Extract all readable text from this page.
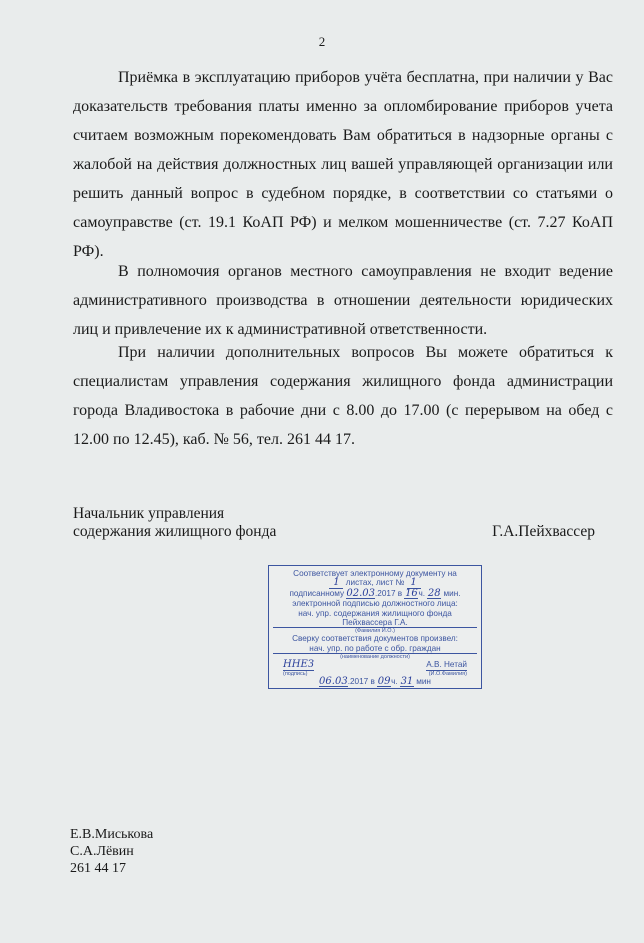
2

Приёмка в эксплуатацию приборов учёта бесплатна, при наличии у Вас доказательств требования платы именно за опломбирование приборов учета считаем возможным порекомендовать Вам обратиться в надзорные органы с жалобой на действия должностных лиц вашей управляющей организации или решить данный вопрос в судебном порядке, в соответствии со статьями о самоуправстве (ст. 19.1 КоАП РФ) и мелком мошенничестве (ст. 7.27 КоАП РФ).

В полномочия органов местного самоуправления не входит ведение административного производства в отношении деятельности юридических лиц и привлечение их к административной ответственности.

При наличии дополнительных вопросов Вы можете обратиться к специалистам управления содержания жилищного фонда администрации города Владивостока в рабочие дни с 8.00 до 17.00 (с перерывом на обед с 12.00 по 12.45), каб. № 56, тел. 261 44 17.

Начальник управления
содержания жилищного фонда	Г.А.Пейхвассер
Соответствует электронному документу на
1 листах, лист № 1
подписанному 02.03.2017 в 16ч. 28 мин.
электронной подписью должностного лица:
нач. упр. содержания жилищного фонда
Пейхвассера Г.А.
(Фамилия И.О.)
Сверку соответствия документов произвел:
нач. упр. по работе с обр. граждан
(наименование должности)
ННЕЗ	А.В. Нетай
(подпись)	(И.О.Фамилия)
06.03.2017 в 09ч. 31 мин
Е.В.Миськова
С.А.Лёвин
261 44 17
